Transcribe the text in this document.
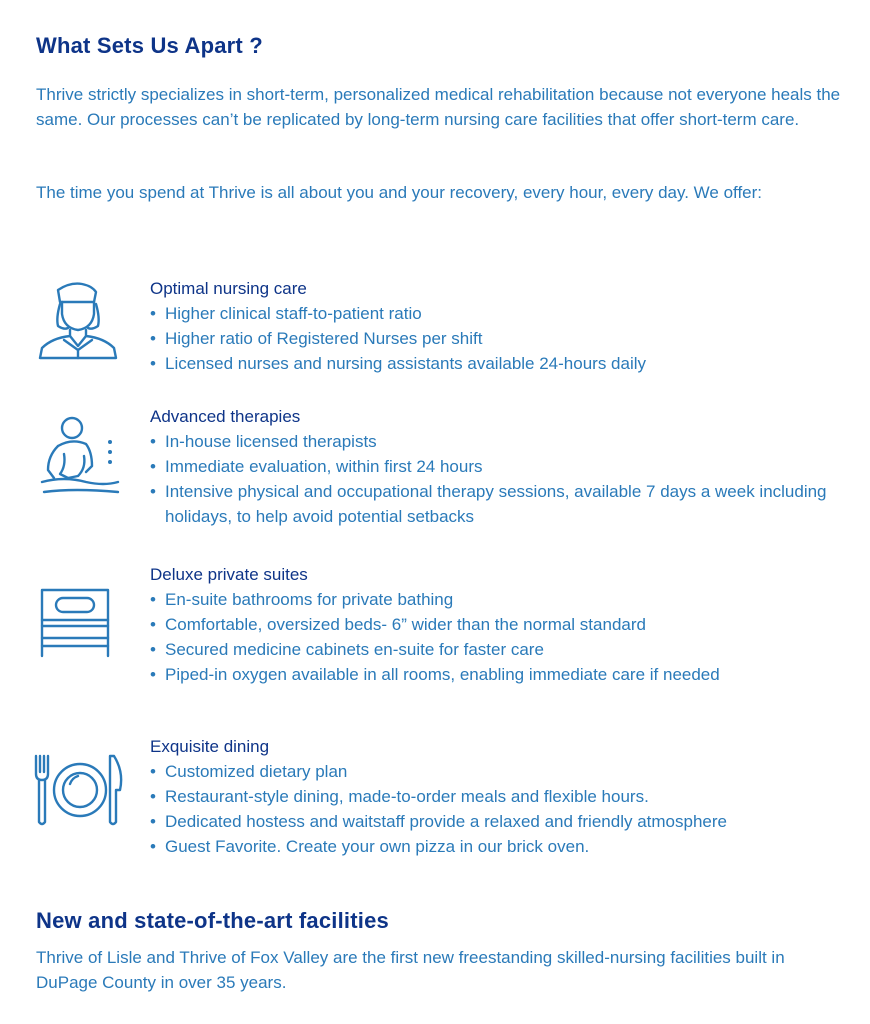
What Sets Us Apart ?

Thrive strictly specializes in short-term, personalized medical rehabilitation because not everyone heals the same. Our processes can’t be replicated by long-term nursing care facilities that offer short-term care.

The time you spend at Thrive is all about you and your recovery, every hour, every day. We offer:

Optimal nursing care

• Higher clinical staff-to-patient ratio
• Higher ratio of Registered Nurses per shift
• Licensed nurses and nursing assistants available 24-hours daily

Advanced therapies

• In-house licensed therapists
• Immediate evaluation, within first 24 hours
• Intensive physical and occupational therapy sessions, available 7 days a week including holidays, to help avoid potential setbacks

Deluxe private suites

• En-suite bathrooms for private bathing
• Comfortable, oversized beds- 6” wider than the normal standard
• Secured medicine cabinets en-suite for faster care
• Piped-in oxygen available in all rooms, enabling immediate care if needed

Exquisite dining

• Customized dietary plan
• Restaurant-style dining, made-to-order meals and flexible hours.
• Dedicated hostess and waitstaff provide a relaxed and friendly atmosphere
• Guest Favorite. Create your own pizza in our brick oven.
New and state-of-the-art facilities

Thrive of Lisle and Thrive of Fox Valley are the first new freestanding skilled-nursing facilities built in DuPage County in over 35 years.
